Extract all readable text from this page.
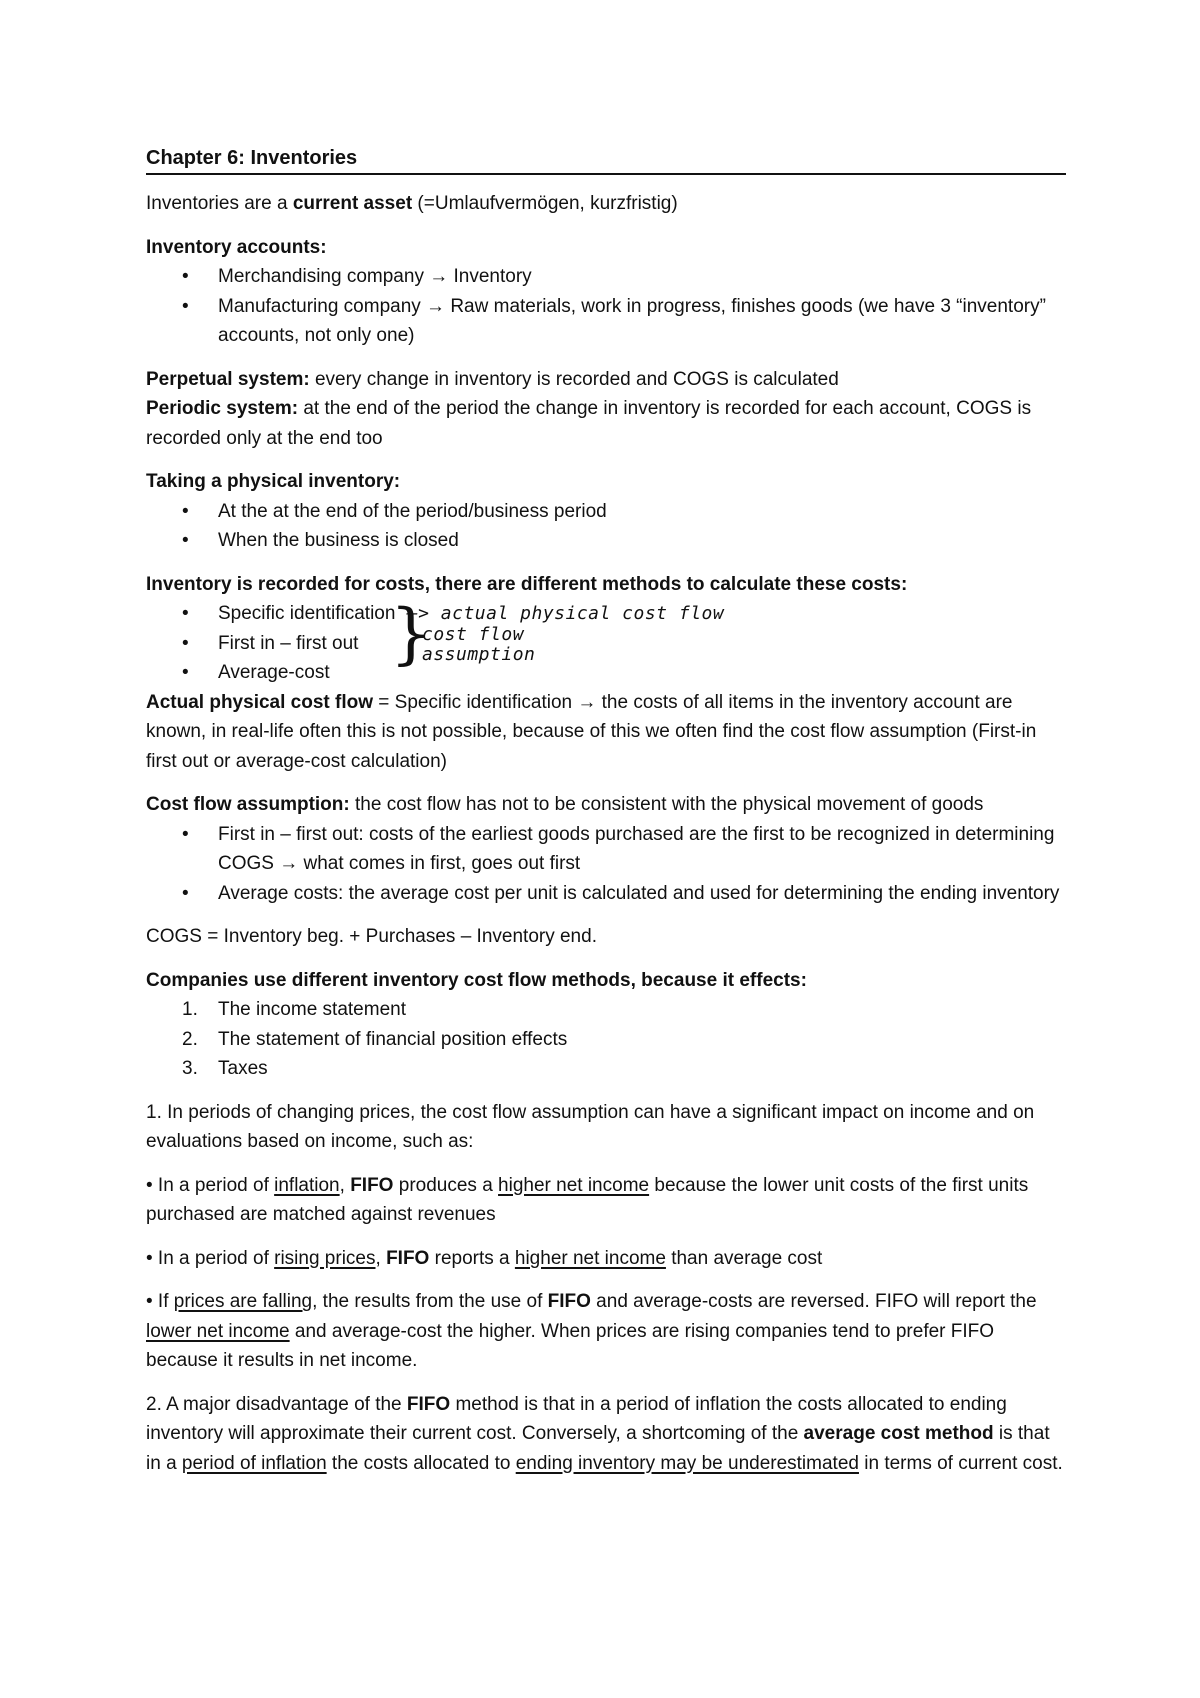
Chapter 6: Inventories

Inventories are a current asset (=Umlaufvermögen, kurzfristig)

Inventory accounts:

• Merchandising company → Inventory
• Manufacturing company → Raw materials, work in progress, finishes goods (we have 3 “inventory” accounts, not only one)

Perpetual system: every change in inventory is recorded and COGS is calculated

Periodic system: at the end of the period the change in inventory is recorded for each account, COGS is recorded only at the end too

Taking a physical inventory:

• At the at the end of the period/business period
• When the business is closed

Inventory is recorded for costs, there are different methods to calculate these costs:

• Specific identification —> actual physical cost flow
• First in – first out
• Average-cost
}
cost flow assumption

Actual physical cost flow = Specific identification → the costs of all items in the inventory account are known, in real-life often this is not possible, because of this we often find the cost flow assumption (First-in first out or average-cost calculation)

Cost flow assumption: the cost flow has not to be consistent with the physical movement of goods

• First in – first out: costs of the earliest goods purchased are the first to be recognized in determining COGS → what comes in first, goes out first
• Average costs: the average cost per unit is calculated and used for determining the ending inventory

COGS = Inventory beg. + Purchases – Inventory end.

Companies use different inventory cost flow methods, because it effects:

1. The income statement
2. The statement of financial position effects
3. Taxes

1. In periods of changing prices, the cost flow assumption can have a significant impact on income and on evaluations based on income, such as:

• In a period of inflation, FIFO produces a higher net income because the lower unit costs of the first units purchased are matched against revenues

• In a period of rising prices, FIFO reports a higher net income than average cost

• If prices are falling, the results from the use of FIFO and average-costs are reversed. FIFO will report the lower net income and average-cost the higher. When prices are rising companies tend to prefer FIFO because it results in net income.

2. A major disadvantage of the FIFO method is that in a period of inflation the costs allocated to ending inventory will approximate their current cost. Conversely, a shortcoming of the average cost method is that in a period of inflation the costs allocated to ending inventory may be underestimated in terms of current cost.
